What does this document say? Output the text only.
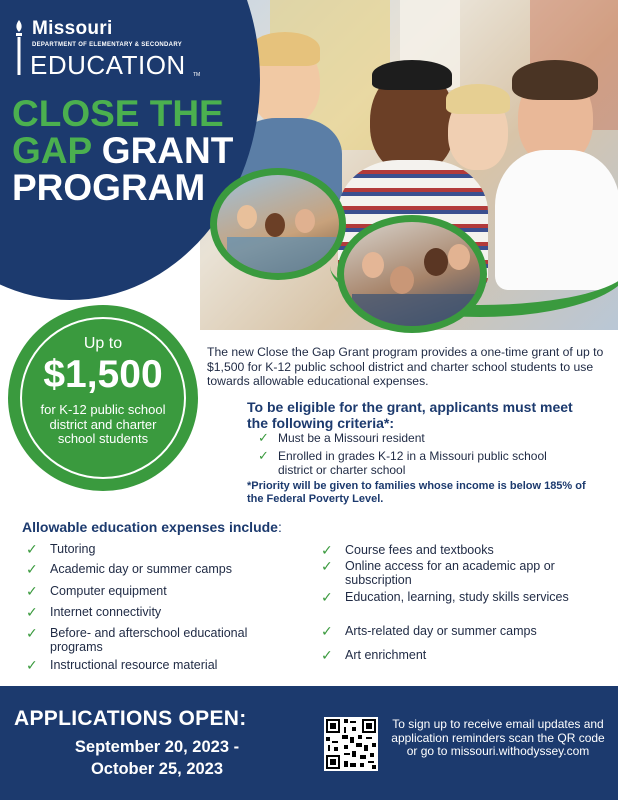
Missouri
DEPARTMENT OF ELEMENTARY & SECONDARY
EDUCATION TM
CLOSE THE
GAP GRANT
PROGRAM
Up to
$1,500
for K-12 public school district and charter school students
The new Close the Gap Grant program provides a one-time grant of up to $1,500 for K-12 public school district and charter school students to use towards allowable educational expenses.
To be eligible for the grant, applicants must meet the following criteria*:
✓ Must be a Missouri resident
✓ Enrolled in grades K-12 in a Missouri public school district or charter school
*Priority will be given to families whose income is below 185% of the Federal Poverty Level.
Allowable education expenses include:
✓ Tutoring
✓ Academic day or summer camps
✓ Computer equipment
✓ Internet connectivity
✓ Before- and afterschool educational programs
✓ Instructional resource material
✓ Course fees and textbooks
✓ Online access for an academic app or subscription
✓ Education, learning, study skills services
✓ Arts-related day or summer camps
✓ Art enrichment
APPLICATIONS OPEN:
September 20, 2023 -
October 25, 2023
To sign up to receive email updates and application reminders scan the QR code or go to missouri.withodyssey.com
